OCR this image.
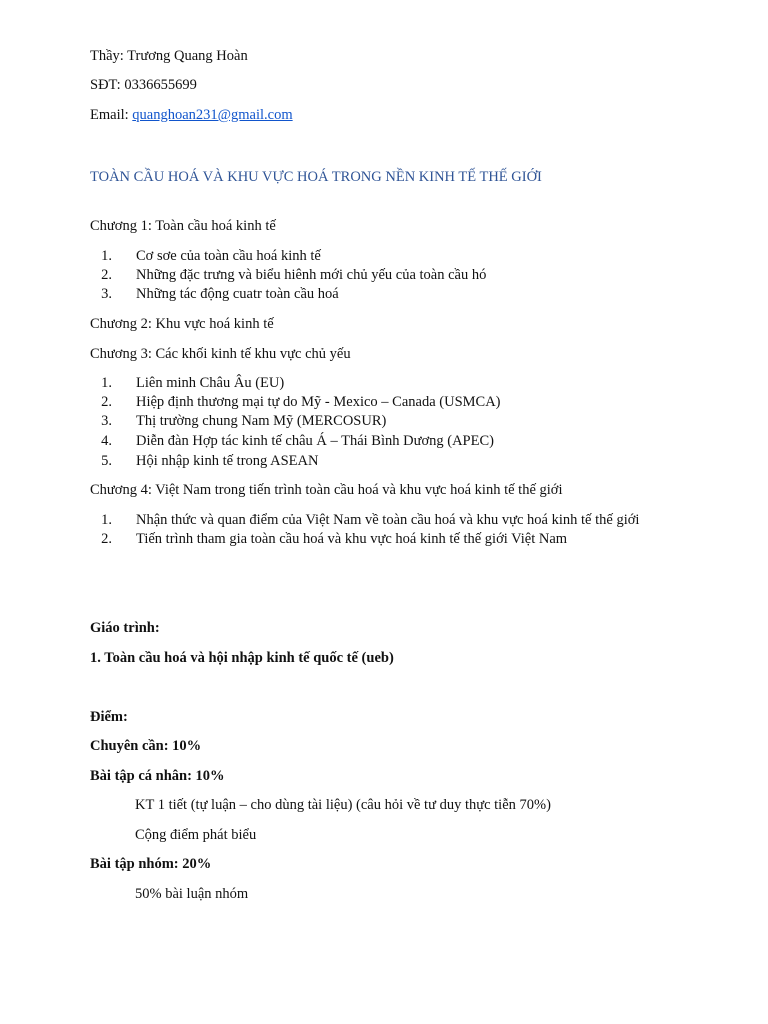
Thầy: Trương Quang Hoàn
SĐT: 0336655699
Email: quanghoan231@gmail.com
TOÀN CẦU HOÁ VÀ KHU VỰC HOÁ TRONG NỀN KINH TẾ THẾ GIỚI
Chương 1: Toàn cầu hoá kinh tế
1. Cơ sơe của toàn cầu hoá kinh tế
2. Những đặc trưng và biểu hiênh mới chủ yếu của toàn cầu hó
3. Những tác động cuatr toàn cầu hoá
Chương 2: Khu vực hoá kinh tế
Chương 3: Các khối kinh tế khu vực chủ yếu
1. Liên minh Châu Âu (EU)
2. Hiệp định thương mại tự do Mỹ - Mexico – Canada (USMCA)
3. Thị trường chung Nam Mỹ (MERCOSUR)
4. Diễn đàn Hợp tác kinh tế châu Á – Thái Bình Dương (APEC)
5. Hội nhập kinh tế trong ASEAN
Chương 4: Việt Nam trong tiến trình toàn cầu hoá và khu vực hoá kinh tế thế giới
1. Nhận thức và quan điểm của Việt Nam về toàn cầu hoá và khu vực hoá kinh tế thế giới
2. Tiến trình tham gia toàn cầu hoá và khu vực hoá kinh tế thế giới Việt Nam
Giáo trình:
1. Toàn cầu hoá và hội nhập kinh tế quốc tế (ueb)
Điểm:
Chuyên cần: 10%
Bài tập cá nhân: 10%
KT 1 tiết (tự luận – cho dùng tài liệu) (câu hỏi về tư duy thực tiễn 70%)
Cộng điểm phát biểu
Bài tập nhóm: 20%
50% bài luận nhóm
